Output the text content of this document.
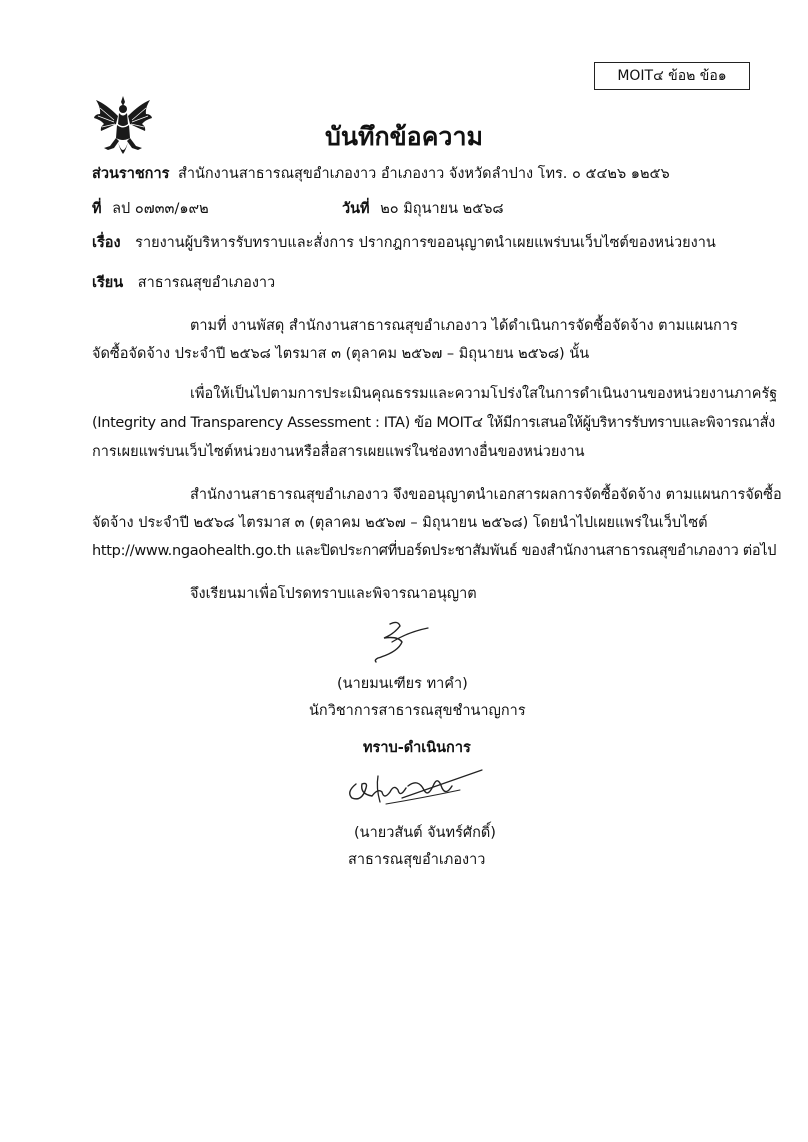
MOIT๔ ข้อ๒ ข้อ๑
บันทึกข้อความ
ส่วนราชการ สำนักงานสาธารณสุขอำเภองาว อำเภองาว จังหวัดลำปาง โทร. ๐ ๕๔๒๖ ๑๒๕๖
ที่ ลป ๐๗๓๓/๑๙๒	วันที่ ๒๐ มิถุนายน ๒๕๖๘
เรื่อง รายงานผู้บริหารรับทราบและสั่งการ ปรากฎการขออนุญาตนำเผยแพร่บนเว็บไซต์ของหน่วยงาน
เรียน สาธารณสุขอำเภองาว
ตามที่ งานพัสดุ สำนักงานสาธารณสุขอำเภองาว ได้ดำเนินการจัดซื้อจัดจ้าง ตามแผนการ
จัดซื้อจัดจ้าง ประจำปี ๒๕๖๘ ไตรมาส ๓ (ตุลาคม ๒๕๖๗ – มิถุนายน ๒๕๖๘) นั้น
เพื่อให้เป็นไปตามการประเมินคุณธรรมและความโปร่งใสในการดำเนินงานของหน่วยงานภาครัฐ
(Integrity and Transparency Assessment : ITA) ข้อ MOIT๔ ให้มีการเสนอให้ผู้บริหารรับทราบและพิจารณาสั่ง
การเผยแพร่บนเว็บไซต์หน่วยงานหรือสื่อสารเผยแพร่ในช่องทางอื่นของหน่วยงาน
สำนักงานสาธารณสุขอำเภองาว จึงขออนุญาตนำเอกสารผลการจัดซื้อจัดจ้าง ตามแผนการจัดซื้อ
จัดจ้าง ประจำปี ๒๕๖๘ ไตรมาส ๓ (ตุลาคม ๒๕๖๗ – มิถุนายน ๒๕๖๘) โดยนำไปเผยแพร่ในเว็บไซต์
http://www.ngaohealth.go.th และปิดประกาศที่บอร์ดประชาสัมพันธ์ ของสำนักงานสาธารณสุขอำเภองาว ต่อไป
จึงเรียนมาเพื่อโปรดทราบและพิจารณาอนุญาต
(นายมนเฑียร ทาคำ)
นักวิชาการสาธารณสุขชำนาญการ
ทราบ-ดำเนินการ
(นายวสันต์ จันทร์ศักดิ์)
สาธารณสุขอำเภองาว
